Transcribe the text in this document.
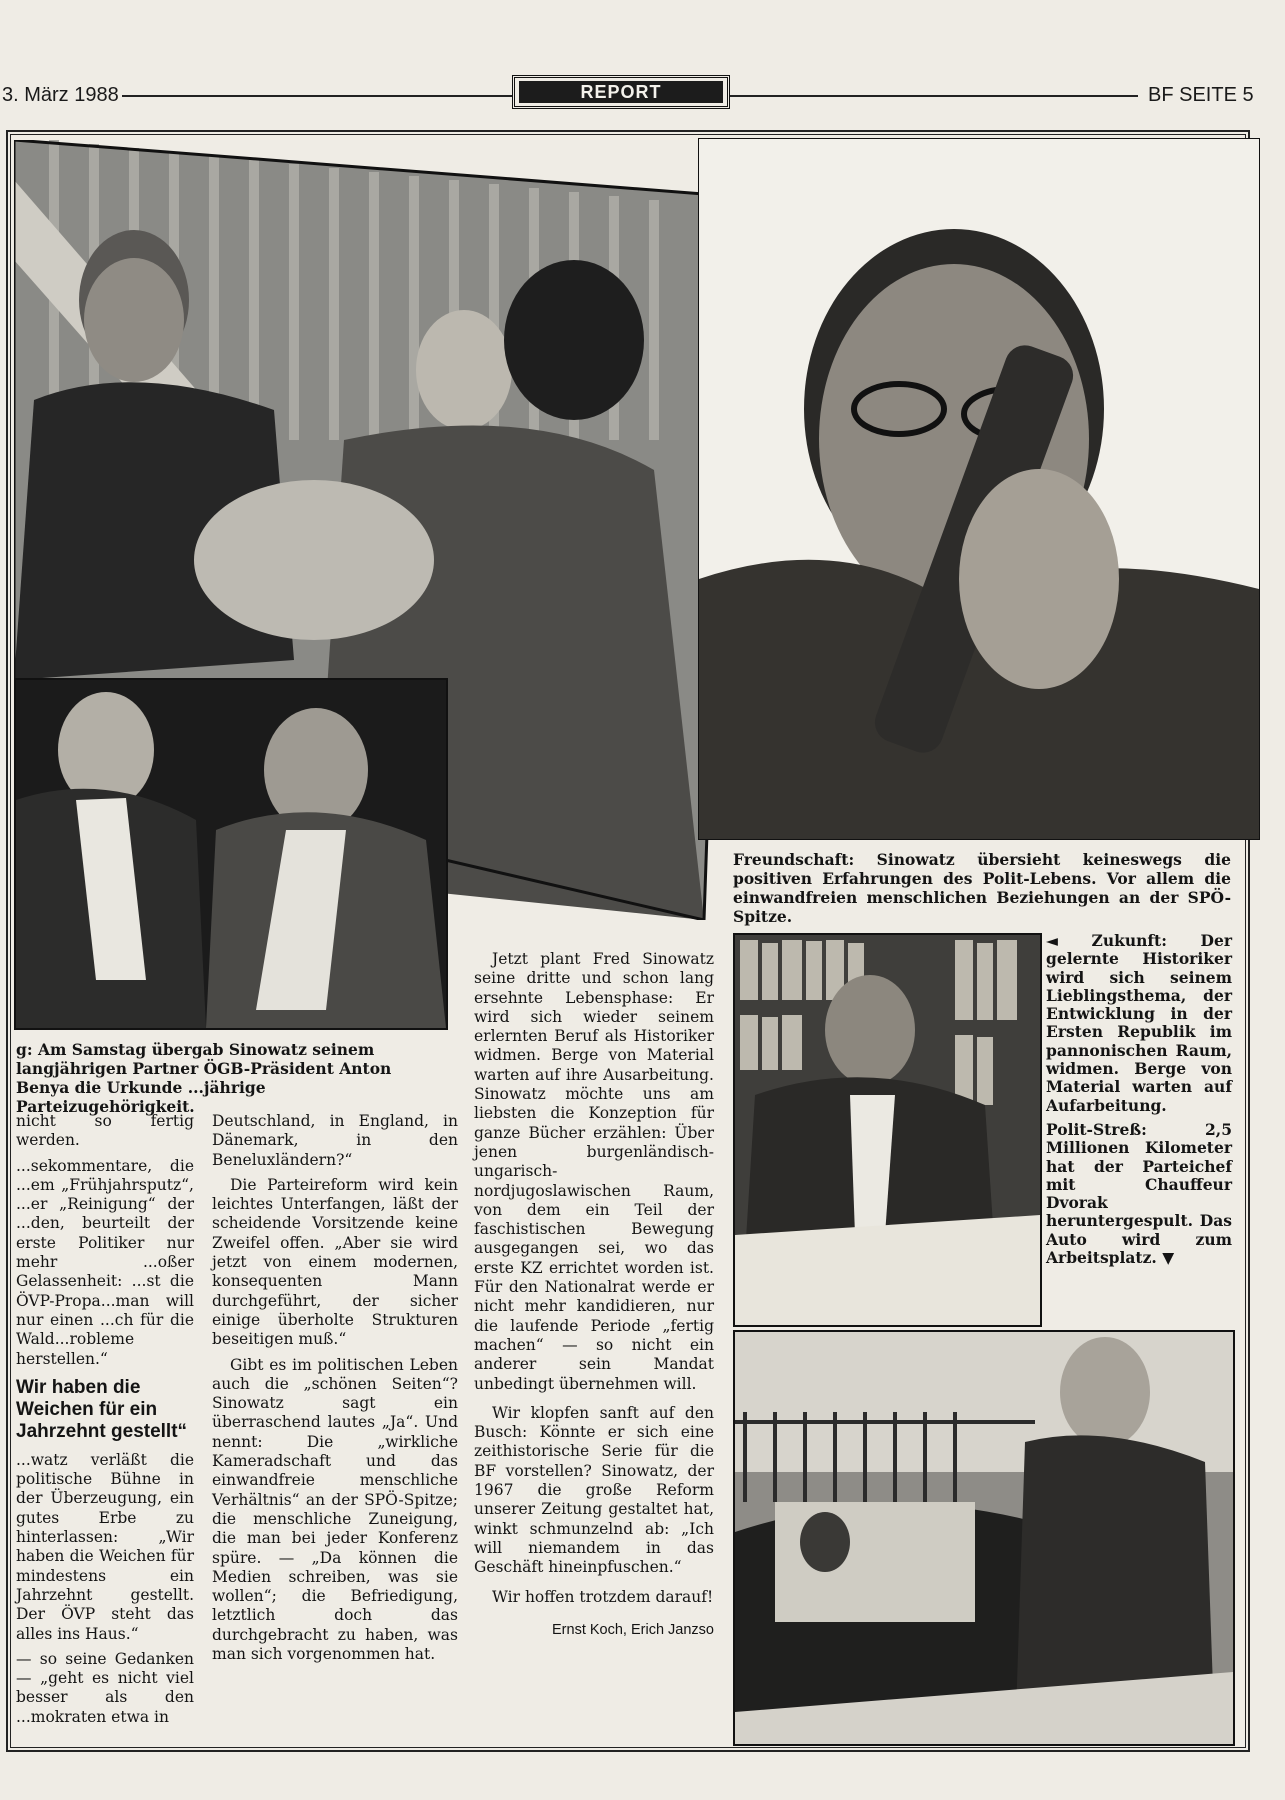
3. März 1988	REPORT	BF SEITE 5
Freundschaft: Sinowatz übersieht keineswegs die positiven Erfahrungen des Polit-Lebens. Vor allem die einwandfreien menschlichen Beziehungen an der SPÖ-Spitze.
g: Am Samstag übergab Sinowatz seinem langjährigen Partner ÖGB-Präsident Anton Benya die Urkunde ...jährige Parteizugehörigkeit.

◄ Zukunft: Der gelernte Historiker wird sich seinem Lieblingsthema, der Entwicklung in der Ersten Republik im pannonischen Raum, widmen. Berge von Material warten auf Aufarbeitung.

Polit-Streß: 2,5 Millionen Kilometer hat der Parteichef mit Chauffeur Dvorak heruntergespult. Das Auto wird zum Arbeitsplatz. ▼

nicht so fertig werden.

...sekommentare, die ...em „Frühjahrsputz“, ...er „Reinigung“ der ...den, beurteilt der erste Politiker nur mehr ...oßer Gelassenheit: ...st die ÖVP-Propa...man will nur einen ...ch für die Wald...robleme herstellen.“

Wir haben die Weichen für ein Jahrzehnt gestellt“

...watz verläßt die politische Bühne in der Überzeugung, ein gutes Erbe zu hinterlassen: „Wir haben die Weichen für mindestens ein Jahrzehnt gestellt. Der ÖVP steht das alles ins Haus.“

— so seine Gedanken — „geht es nicht viel besser als den ...mokraten etwa in

Deutschland, in England, in Dänemark, in den Beneluxländern?“

Die Parteireform wird kein leichtes Unterfangen, läßt der scheidende Vorsitzende keine Zweifel offen. „Aber sie wird jetzt von einem modernen, konsequenten Mann durchgeführt, der sicher einige überholte Strukturen beseitigen muß.“

Gibt es im politischen Leben auch die „schönen Seiten“? Sinowatz sagt ein überraschend lautes „Ja“. Und nennt: Die „wirkliche Kameradschaft und das einwandfreie menschliche Verhältnis“ an der SPÖ-Spitze; die menschliche Zuneigung, die man bei jeder Konferenz spüre. — „Da können die Medien schreiben, was sie wollen“; die Befriedigung, letztlich doch das durchgebracht zu haben, was man sich vorgenommen hat.

Jetzt plant Fred Sinowatz seine dritte und schon lang ersehnte Lebensphase: Er wird sich wieder seinem erlernten Beruf als Historiker widmen. Berge von Material warten auf ihre Ausarbeitung. Sinowatz möchte uns am liebsten die Konzeption für ganze Bücher erzählen: Über jenen burgenländisch-ungarisch-nordjugoslawischen Raum, von dem ein Teil der faschistischen Bewegung ausgegangen sei, wo das erste KZ errichtet worden ist. Für den Nationalrat werde er nicht mehr kandidieren, nur die laufende Periode „fertig machen“ — so nicht ein anderer sein Mandat unbedingt übernehmen will.

Wir klopfen sanft auf den Busch: Könnte er sich eine zeithistorische Serie für die BF vorstellen? Sinowatz, der 1967 die große Reform unserer Zeitung gestaltet hat, winkt schmunzelnd ab: „Ich will niemandem in das Geschäft hineinpfuschen.“

Wir hoffen trotzdem darauf!

Ernst Koch, Erich Janzso
